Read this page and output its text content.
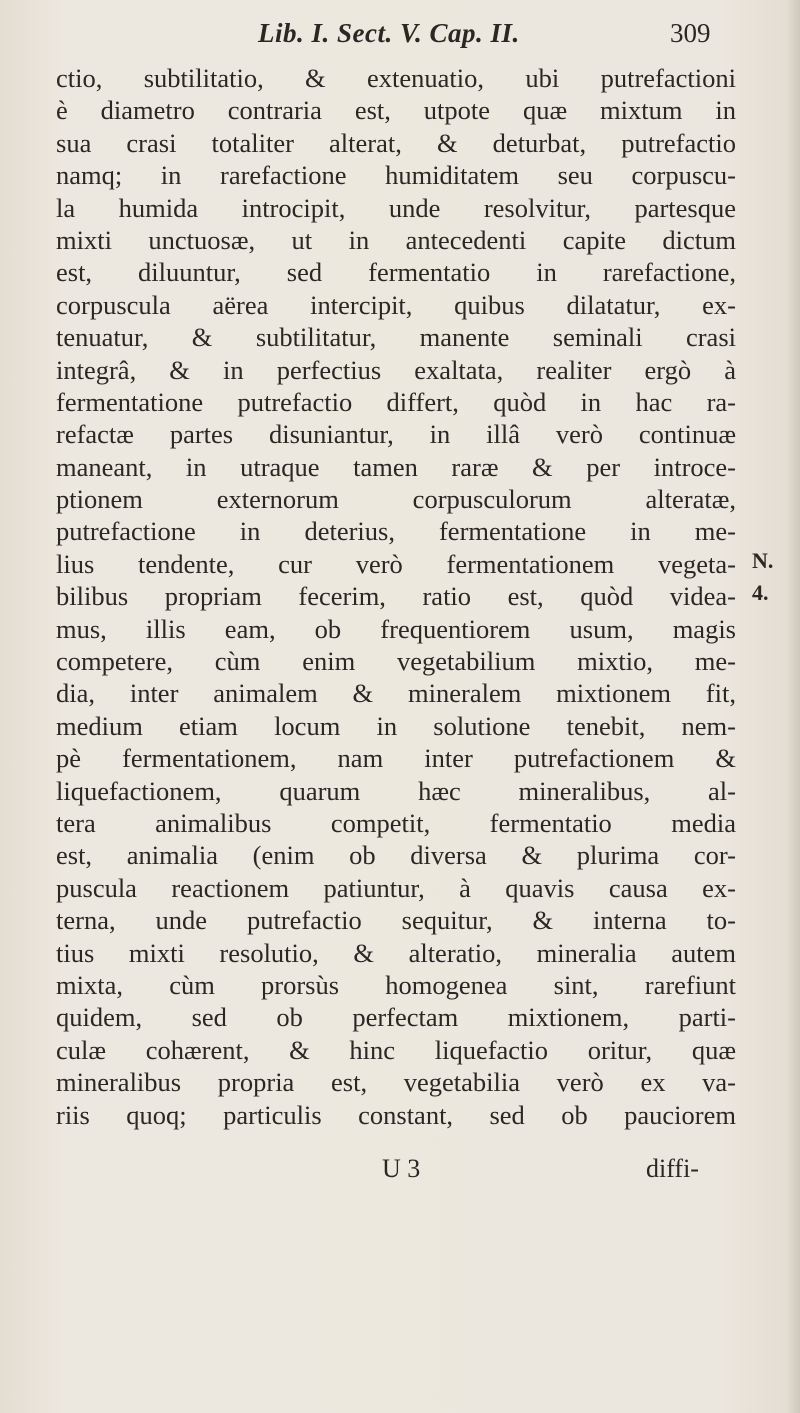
Lib. I. Sect. V. Cap. II.	309
ctio, subtilitatio, & extenuatio, ubi putrefactioni
è diametro contraria est, utpote quæ mixtum in
sua crasi totaliter alterat, & deturbat, putrefactio
namq; in rarefactione humiditatem seu corpuscu-
la humida introcipit, unde resolvitur, partesque
mixti unctuosæ, ut in antecedenti capite dictum
est, diluuntur, sed fermentatio in rarefactione,
corpuscula aërea intercipit, quibus dilatatur, ex-
tenuatur, & subtilitatur, manente seminali crasi
integrâ, & in perfectius exaltata, realiter ergò à
fermentatione putrefactio differt, quòd in hac ra-
refactæ partes disuniantur, in illâ verò continuæ
maneant, in utraque tamen raræ & per introce-
ptionem externorum corpusculorum alteratæ,
putrefactione in deterius, fermentatione in me-
lius tendente, cur verò fermentationem vegeta-
bilibus propriam fecerim, ratio est, quòd videa-
mus, illis eam, ob frequentiorem usum, magis
competere, cùm enim vegetabilium mixtio, me-
dia, inter animalem & mineralem mixtionem fit,
medium etiam locum in solutione tenebit, nem-
pè fermentationem, nam inter putrefactionem &
liquefactionem, quarum hæc mineralibus, al-
tera animalibus competit, fermentatio media
est, animalia (enim ob diversa & plurima cor-
puscula reactionem patiuntur, à quavis causa ex-
terna, unde putrefactio sequitur, & interna to-
tius mixti resolutio, & alteratio, mineralia autem
mixta, cùm prorsùs homogenea sint, rarefiunt
quidem, sed ob perfectam mixtionem, parti-
culæ cohærent, & hinc liquefactio oritur, quæ
mineralibus propria est, vegetabilia verò ex va-
riis quoq; particulis constant, sed ob pauciorem
N.
4.
U 3	diffi-
